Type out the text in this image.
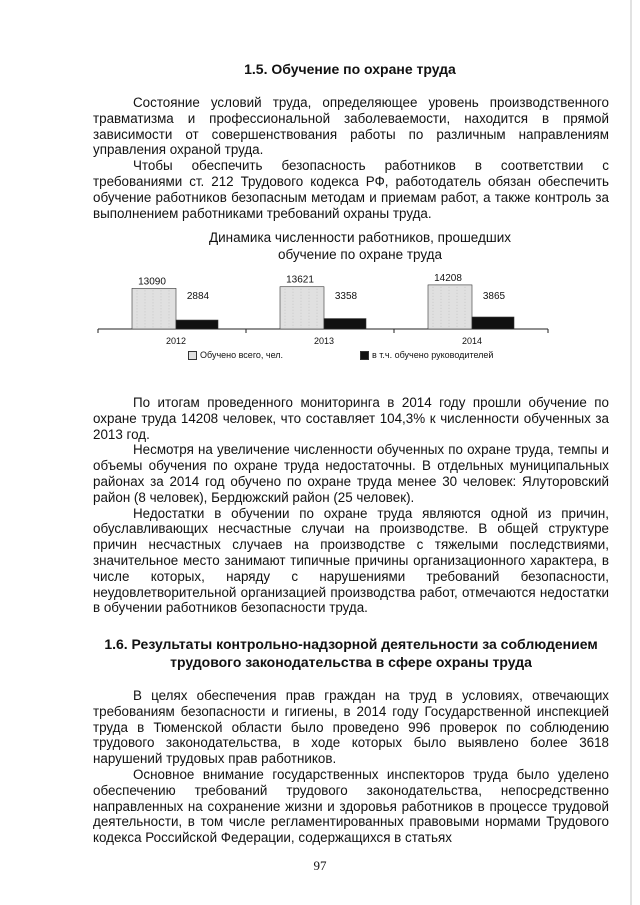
1.5. Обучение по охране труда

Состояние условий труда, определяющее уровень производственного травматизма и профессиональной заболеваемости, находится в прямой зависимости от совершенствования работы по различным направлениям управления охраной труда.

Чтобы обеспечить безопасность работников в соответствии с требованиями ст. 212 Трудового кодекса РФ, работодатель обязан обеспечить обучение работников безопасным методам и приемам работ, а также контроль за выполнением работниками требований охраны труда.

Динамика численности работников, прошедших обучение по охране труда
13090
2884
2012
13621
3358
2013
14208
3865
2014
Обучено всего, чел.	в т.ч. обучено руководителей

По итогам проведенного мониторинга в 2014 году прошли обучение по охране труда 14208 человек, что составляет 104,3% к численности обученных за 2013 год.

Несмотря на увеличение численности обученных по охране труда, темпы и объемы обучения по охране труда недостаточны. В отдельных муниципальных районах за 2014 год обучено по охране труда менее 30 человек: Ялуторовский район (8 человек), Бердюжский район (25 человек).

Недостатки в обучении по охране труда являются одной из причин, обуславливающих несчастные случаи на производстве. В общей структуре причин несчастных случаев на производстве с тяжелыми последствиями, значительное место занимают типичные причины организационного характера, в числе которых, наряду с нарушениями требований безопасности, неудовлетворительной организацией производства работ, отмечаются недостатки в обучении работников безопасности труда.

1.6. Результаты контрольно-надзорной деятельности за соблюдением трудового законодательства в сфере охраны труда

В целях обеспечения прав граждан на труд в условиях, отвечающих требованиям безопасности и гигиены, в 2014 году Государственной инспекцией труда в Тюменской области было проведено 996 проверок по соблюдению трудового законодательства, в ходе которых было выявлено более 3618 нарушений трудовых прав работников.

Основное внимание государственных инспекторов труда было уделено обеспечению требований трудового законодательства, непосредственно направленных на сохранение жизни и здоровья работников в процессе трудовой деятельности, в том числе регламентированных правовыми нормами Трудового кодекса Российской Федерации, содержащихся в статьях

97
